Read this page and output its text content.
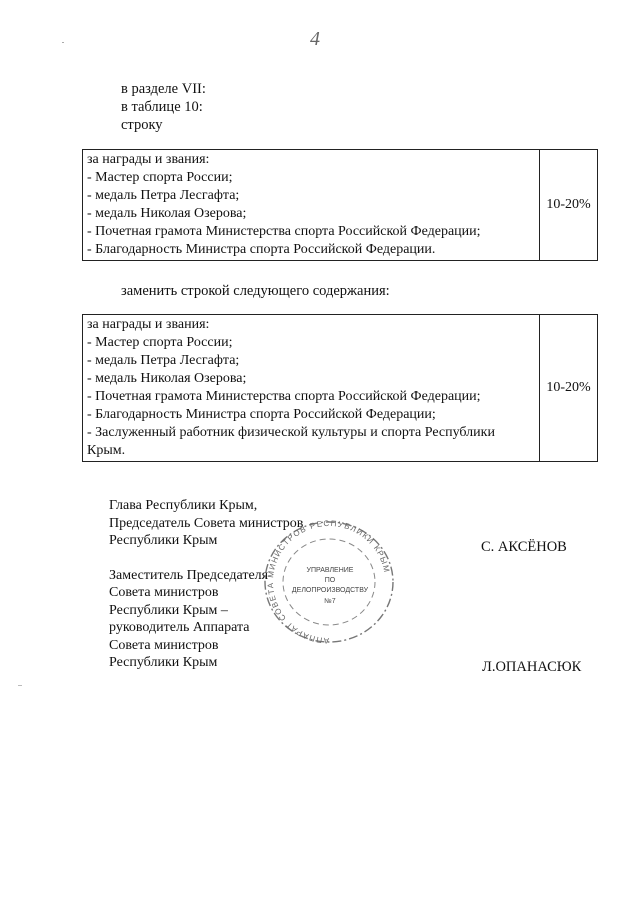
4
в разделе VII:
в таблице 10:
строку
за награды и звания:
- Мастер спорта России;
- медаль Петра Лесгафта;
- медаль Николая Озерова;
- Почетная грамота Министерства спорта Российской Федерации;
- Благодарность Министра спорта Российской Федерации.
	10-20%
заменить строкой следующего содержания:
за награды и звания:
- Мастер спорта России;
- медаль Петра Лесгафта;
- медаль Николая Озерова;
- Почетная грамота Министерства спорта Российской Федерации;
- Благодарность Министра спорта Российской Федерации;
- Заслуженный работник физической культуры и спорта Республики
Крым.
	10-20%
Глава Республики Крым,
Председатель Совета министров
Республики Крым
Заместитель Председателя
Совета министров
Республики Крым –
руководитель Аппарата
Совета министров
Республики Крым
С. АКСЁНОВ
Л.ОПАНАСЮК
АППАРАТ СОВЕТА МИНИСТРОВ РЕСПУБЛИКИ КРЫМ
УПРАВЛЕНИЕ
ПО
ДЕЛОПРОИЗВОДСТВУ
№7
